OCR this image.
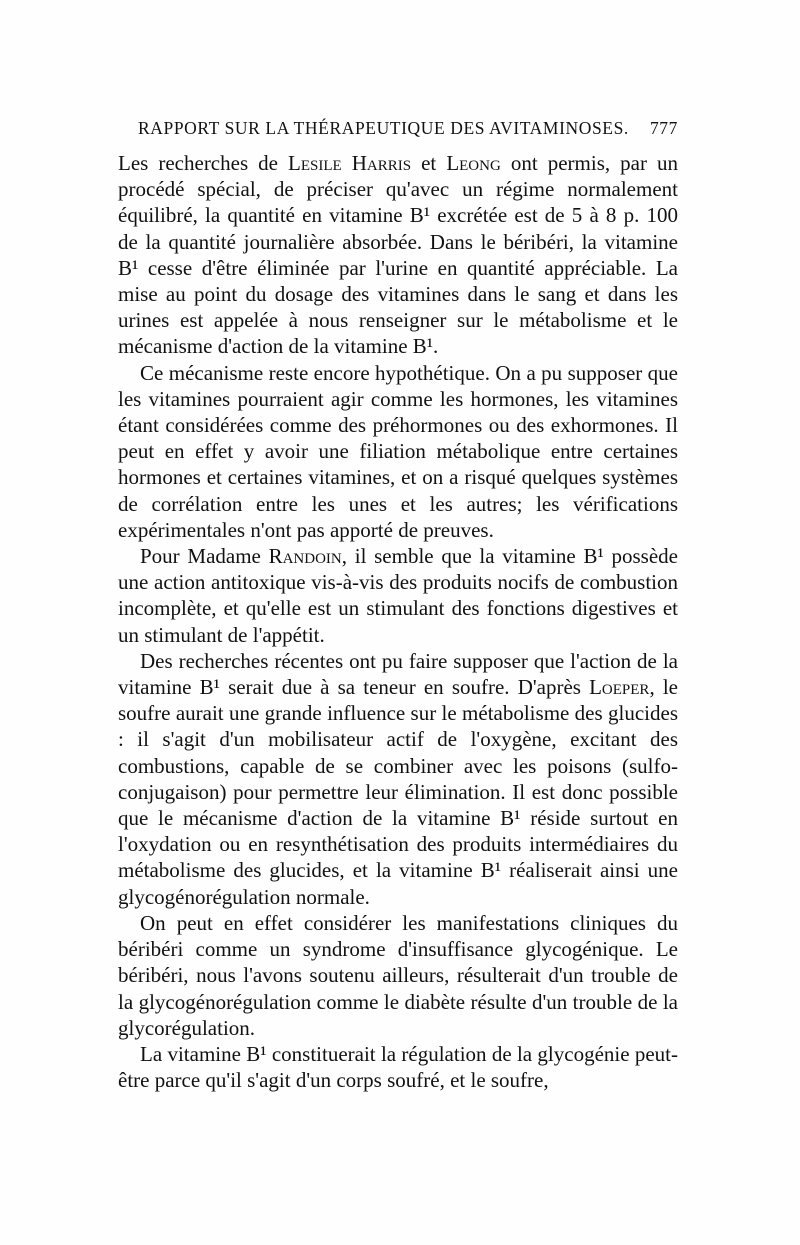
RAPPORT SUR LA THÉRAPEUTIQUE DES AVITAMINOSES. 777

Les recherches de Lesile Harris et Leong ont permis, par un procédé spécial, de préciser qu'avec un régime normalement équilibré, la quantité en vitamine B¹ excrétée est de 5 à 8 p. 100 de la quantité journalière absorbée. Dans le béribéri, la vitamine B¹ cesse d'être éliminée par l'urine en quantité appréciable. La mise au point du dosage des vitamines dans le sang et dans les urines est appelée à nous renseigner sur le métabolisme et le mécanisme d'action de la vitamine B¹.

Ce mécanisme reste encore hypothétique. On a pu supposer que les vitamines pourraient agir comme les hormones, les vitamines étant considérées comme des préhormones ou des exhormones. Il peut en effet y avoir une filiation métabolique entre certaines hormones et certaines vitamines, et on a risqué quelques systèmes de corrélation entre les unes et les autres; les vérifications expérimentales n'ont pas apporté de preuves.

Pour Madame Randoin, il semble que la vitamine B¹ possède une action antitoxique vis-à-vis des produits nocifs de combustion incomplète, et qu'elle est un stimulant des fonctions digestives et un stimulant de l'appétit.

Des recherches récentes ont pu faire supposer que l'action de la vitamine B¹ serait due à sa teneur en soufre. D'après Loeper, le soufre aurait une grande influence sur le métabolisme des glucides : il s'agit d'un mobilisateur actif de l'oxygène, excitant des combustions, capable de se combiner avec les poisons (sulfo-conjugaison) pour permettre leur élimination. Il est donc possible que le mécanisme d'action de la vitamine B¹ réside surtout en l'oxydation ou en resynthétisation des produits intermédiaires du métabolisme des glucides, et la vitamine B¹ réaliserait ainsi une glycogénorégulation normale.

On peut en effet considérer les manifestations cliniques du béribéri comme un syndrome d'insuffisance glycogénique. Le béribéri, nous l'avons soutenu ailleurs, résulterait d'un trouble de la glycogénorégulation comme le diabète résulte d'un trouble de la glycorégulation.

La vitamine B¹ constituerait la régulation de la glycogénie peut-être parce qu'il s'agit d'un corps soufré, et le soufre,
